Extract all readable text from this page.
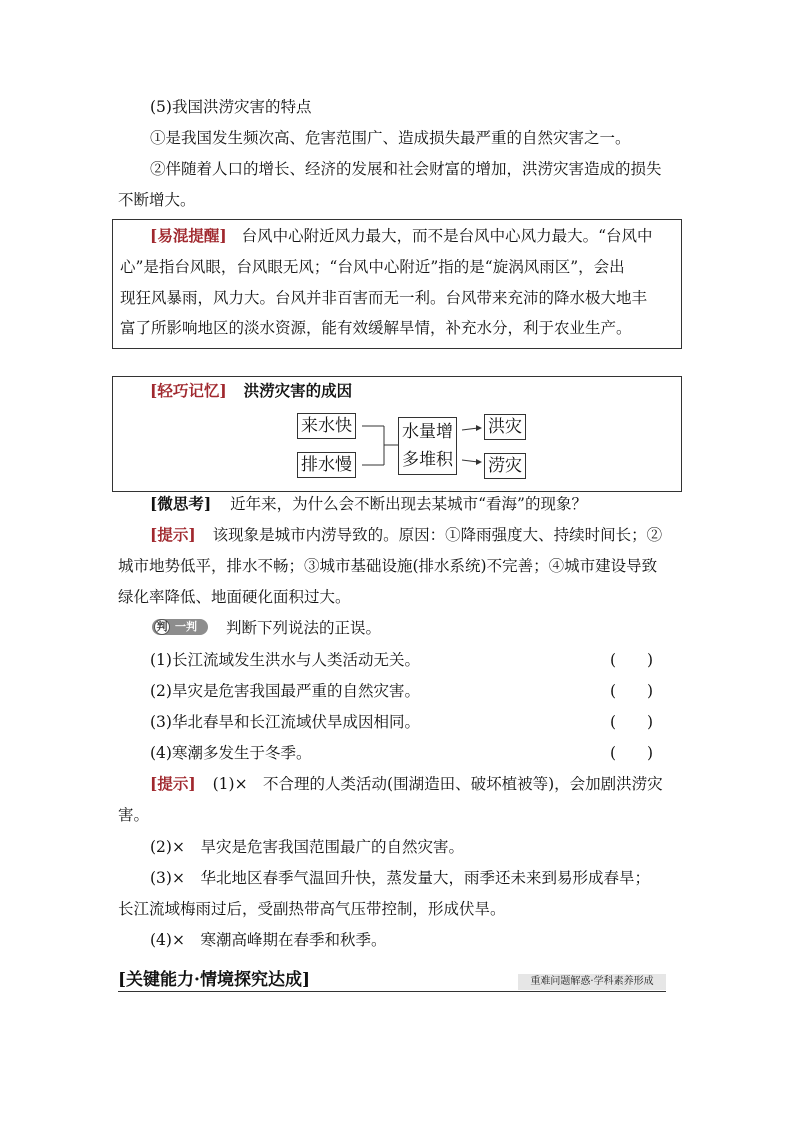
(5)我国洪涝灾害的特点
①是我国发生频次高、危害范围广、造成损失最严重的自然灾害之一。
②伴随着人口的增长、经济的发展和社会财富的增加，洪涝灾害造成的损失
不断增大。
[易混提醒] 台风中心附近风力最大，而不是台风中心风力最大。“台风中
心”是指台风眼，台风眼无风；“台风中心附近”指的是“旋涡风雨区”，会出
现狂风暴雨，风力大。台风并非百害而无一利。台风带来充沛的降水极大地丰
富了所影响地区的淡水资源，能有效缓解旱情，补充水分，利于农业生产。
[轻巧记忆] 洪涝灾害的成因
来水快
排水慢
水量增
多堆积
洪灾
涝灾
[微思考] 近年来，为什么会不断出现去某城市“看海”的现象？
[提示] 该现象是城市内涝导致的。原因：①降雨强度大、持续时间长；②
城市地势低平，排水不畅；③城市基础设施(排水系统)不完善；④城市建设导致
绿化率降低、地面硬化面积过大。
判 一判 判断下列说法的正误。
(1)长江流域发生洪水与人类活动无关。	(　　)
(2)旱灾是危害我国最严重的自然灾害。	(　　)
(3)华北春旱和长江流域伏旱成因相同。	(　　)
(4)寒潮多发生于冬季。	(　　)
[提示] (1)×　不合理的人类活动(围湖造田、破坏植被等)，会加剧洪涝灾
害。
(2)×　旱灾是危害我国范围最广的自然灾害。
(3)×　华北地区春季气温回升快，蒸发量大，雨季还未来到易形成春旱；
长江流域梅雨过后，受副热带高气压带控制，形成伏旱。
(4)×　寒潮高峰期在春季和秋季。
[关键能力·情境探究达成]	重难问题解惑·学科素养形成
